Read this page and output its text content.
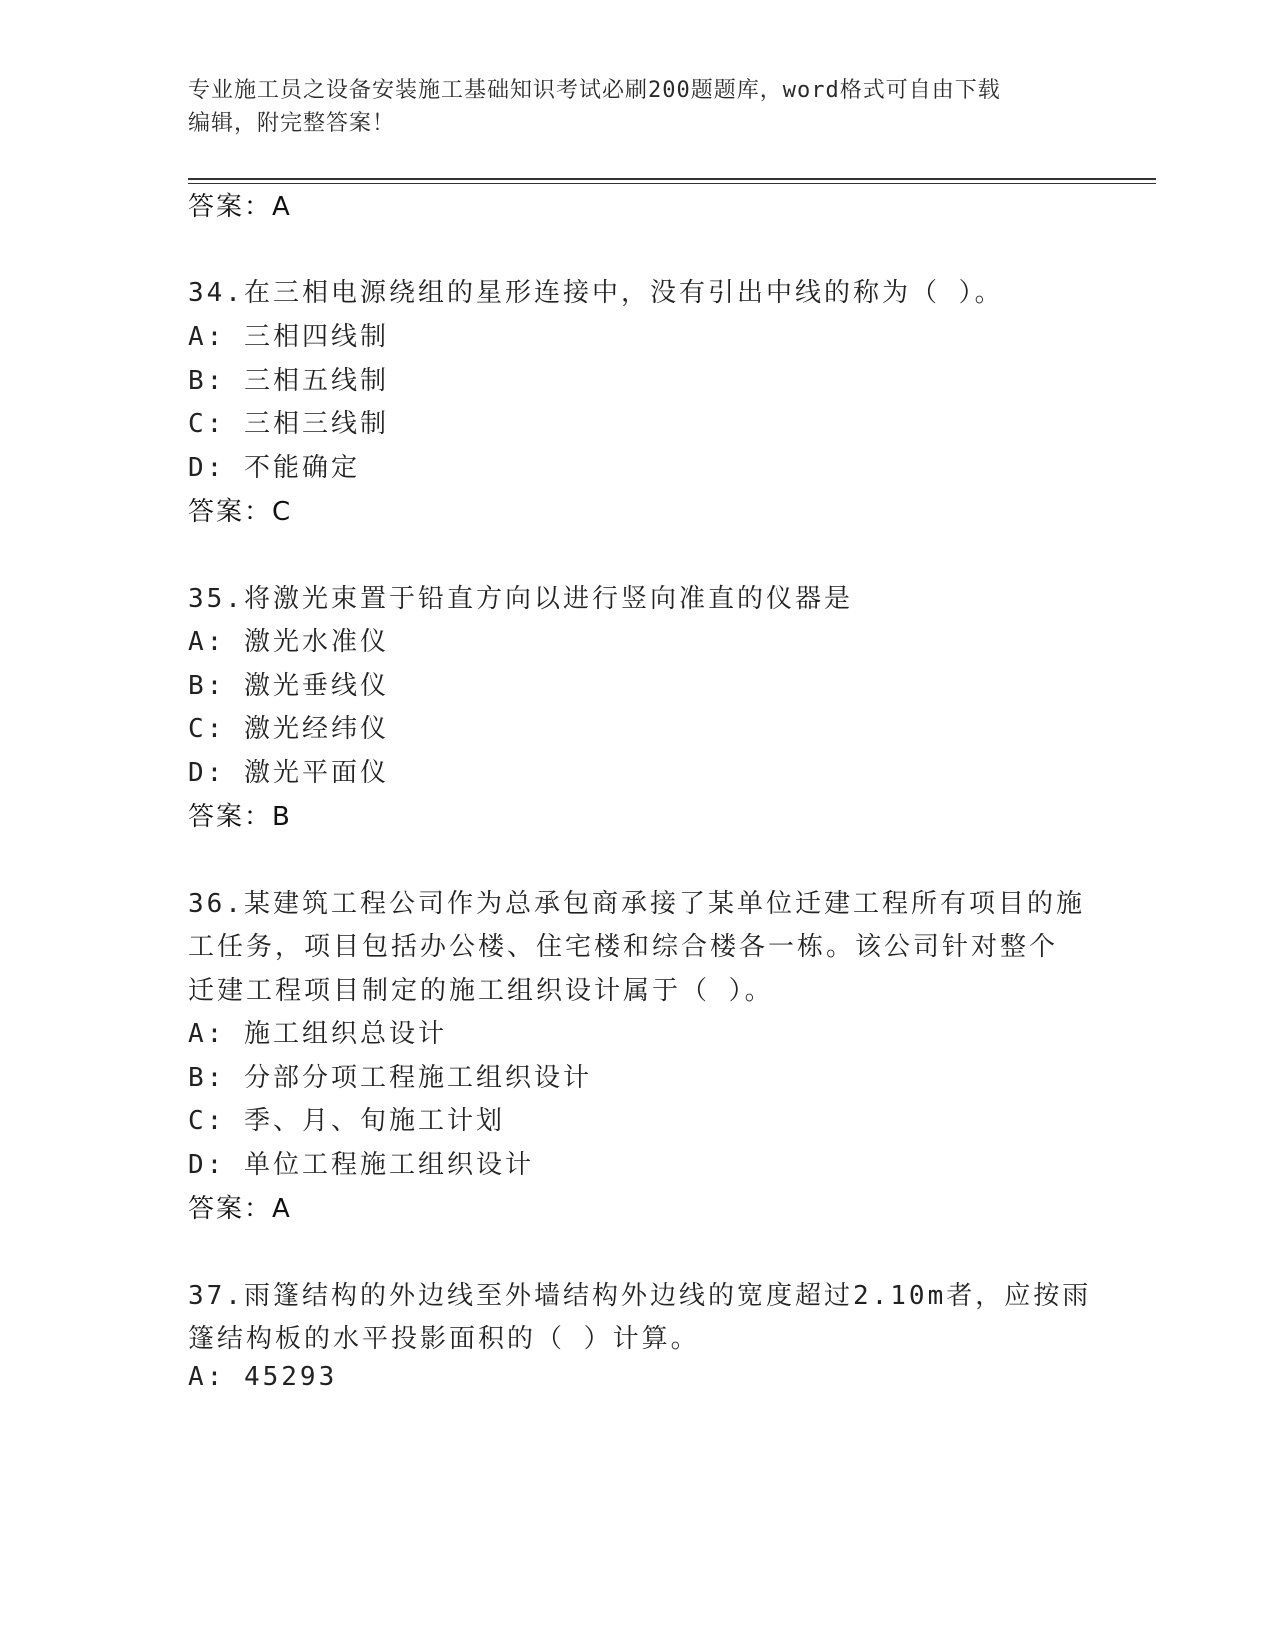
专业施工员之设备安装施工基础知识考试必刷200题题库，word格式可自由下载
编辑，附完整答案！
答案：A
34.在三相电源绕组的星形连接中，没有引出中线的称为（ ）。
A: 三相四线制
B: 三相五线制
C: 三相三线制
D: 不能确定
答案：C
35.将激光束置于铅直方向以进行竖向准直的仪器是
A: 激光水准仪
B: 激光垂线仪
C: 激光经纬仪
D: 激光平面仪
答案：B
36.某建筑工程公司作为总承包商承接了某单位迁建工程所有项目的施
工任务，项目包括办公楼、住宅楼和综合楼各一栋。该公司针对整个
迁建工程项目制定的施工组织设计属于（ ）。
A: 施工组织总设计
B: 分部分项工程施工组织设计
C: 季、月、旬施工计划
D: 单位工程施工组织设计
答案：A
37.雨篷结构的外边线至外墙结构外边线的宽度超过2.10m者，应按雨
篷结构板的水平投影面积的（ ）计算。
A: 45293
